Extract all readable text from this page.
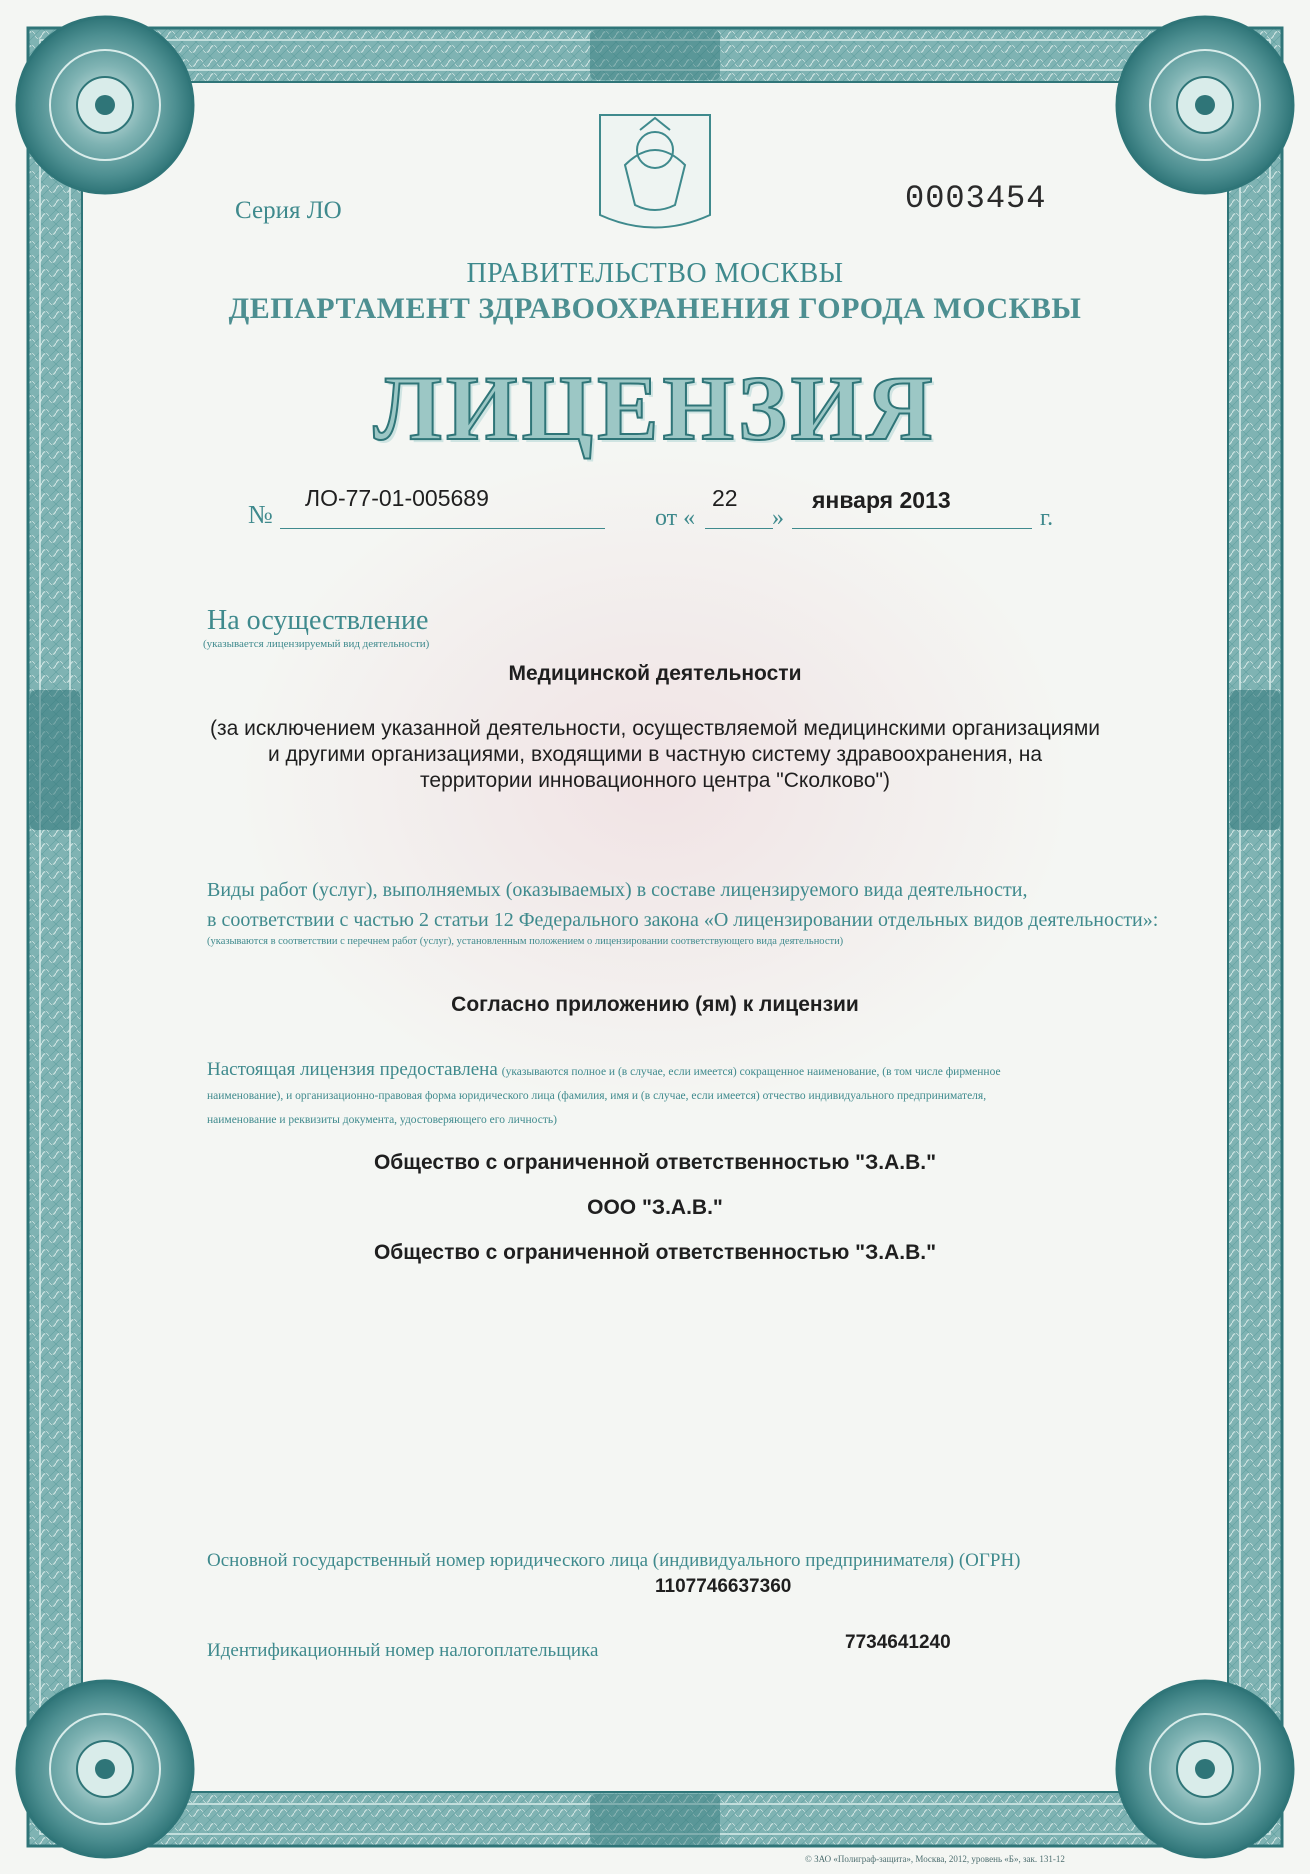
Серия ЛО	0003454
ПРАВИТЕЛЬСТВО МОСКВЫ
ДЕПАРТАМЕНТ ЗДРАВООХРАНЕНИЯ ГОРОДА МОСКВЫ
ЛИЦЕНЗИЯ
№
ЛО-77-01-005689
от «
22
»
января 2013
г.
На осуществление
(указывается лицензируемый вид деятельности)
Медицинской деятельности
(за исключением указанной деятельности, осуществляемой медицинскими организациями
и другими организациями, входящими в частную систему здравоохранения, на
территории инновационного центра "Сколково")
Виды работ (услуг), выполняемых (оказываемых) в составе лицензируемого вида деятельности,
в соответствии с частью 2 статьи 12 Федерального закона «О лицензировании отдельных видов деятельности»:
(указываются в соответствии с перечнем работ (услуг), установленным положением о лицензировании соответствующего вида деятельности)
Согласно приложению (ям) к лицензии
Настоящая лицензия предоставлена (указываются полное и (в случае, если имеется) сокращенное наименование, (в том числе фирменное
наименование), и организационно-правовая форма юридического лица (фамилия, имя и (в случае, если имеется) отчество индивидуального предпринимателя,
наименование и реквизиты документа, удостоверяющего его личность)
Общество с ограниченной ответственностью "З.А.В."
ООО "З.А.В."
Общество с ограниченной ответственностью "З.А.В."
Основной государственный номер юридического лица (индивидуального предпринимателя) (ОГРН)
1107746637360
Идентификационный номер налогоплательщика	7734641240
© ЗАО «Полиграф-защита», Москва, 2012, уровень «Б», зак. 131-12
